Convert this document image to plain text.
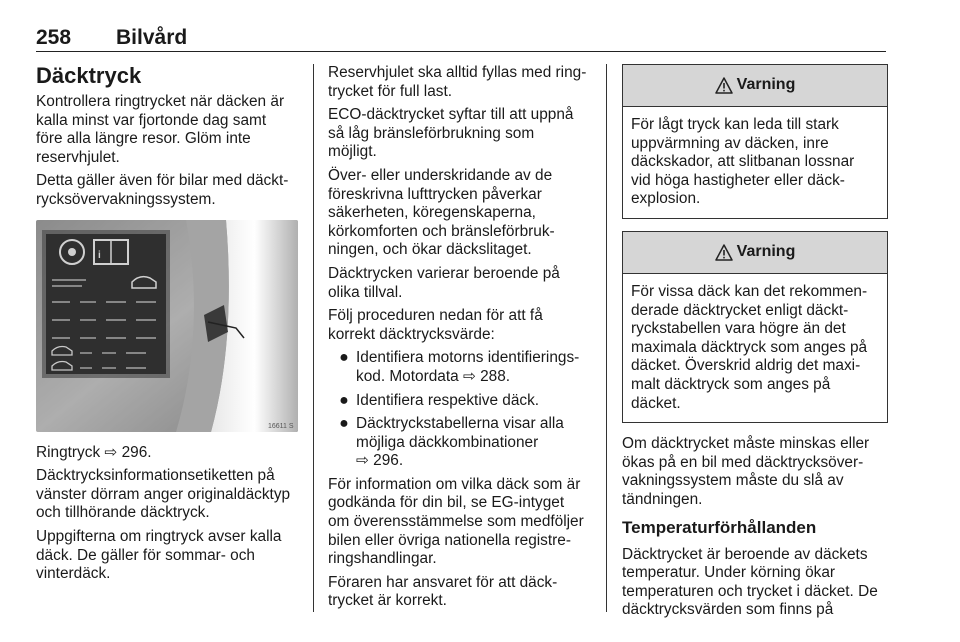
258 Bilvård
Däcktryck

Kontrollera ringtrycket när däcken är
kalla minst var fjortonde dag samt
före alla längre resor. Glöm inte
reservhjulet.

Detta gäller även för bilar med däckt-
rycksövervakningssystem.

i
16611 S

Ringtryck ⇨ 296.

Däcktrycksinformationsetiketten på
vänster dörram anger originaldäcktyp
och tillhörande däcktryck.

Uppgifterna om ringtryck avser kalla
däck. De gäller för sommar- och
vinterdäck.

Reservhjulet ska alltid fyllas med ring-
trycket för full last.

ECO-däcktrycket syftar till att uppnå
så låg bränsleförbrukning som
möjligt.

Över- eller underskridande av de
föreskrivna lufttrycken påverkar
säkerheten, köregenskaperna,
körkomforten och bränsleförbruk-
ningen, och ökar däckslitaget.

Däcktrycken varierar beroende på
olika tillval.

Följ proceduren nedan för att få
korrekt däcktrycksvärde:

● Identifiera motorns identifierings-
kod. Motordata ⇨ 288.
● Identifiera respektive däck.
● Däcktryckstabellerna visar alla
möjliga däckkombinationer
⇨ 296.

För information om vilka däck som är
godkända för din bil, se EG-intyget
om överensstämmelse som medföljer
bilen eller övriga nationella registre-
ringshandlingar.

Föraren har ansvaret för att däck-
trycket är korrekt.

Varning
För lågt tryck kan leda till stark
uppvärmning av däcken, inre
däckskador, att slitbanan lossnar
vid höga hastigheter eller däck-
explosion.
Varning
För vissa däck kan det rekommen-
derade däcktrycket enligt däckt-
ryckstabellen vara högre än det
maximala däcktryck som anges på
däcket. Överskrid aldrig det maxi-
malt däcktryck som anges på
däcket.

Om däcktrycket måste minskas eller
ökas på en bil med däcktrycksöver-
vakningssystem måste du slå av
tändningen.

Temperaturförhållanden

Däcktrycket är beroende av däckets
temperatur. Under körning ökar
temperaturen och trycket i däcket. De
däcktrycksvärden som finns på
